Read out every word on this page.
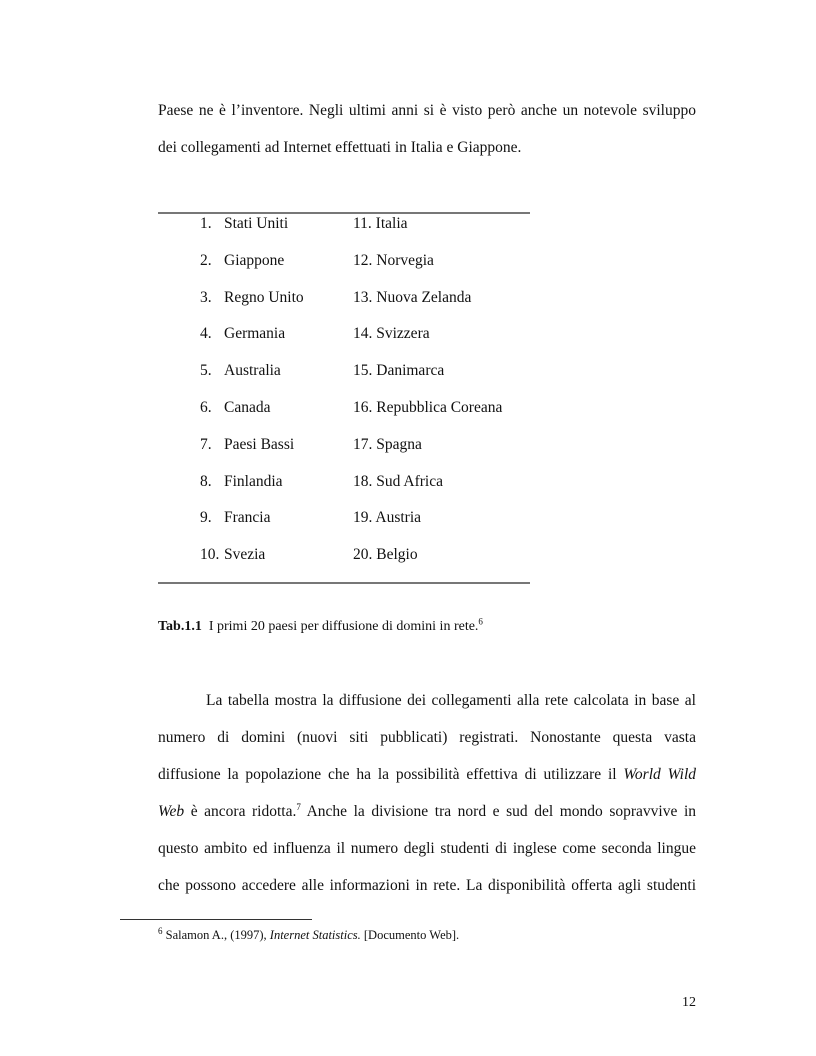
Paese ne è l’inventore. Negli ultimi anni si è visto però anche un notevole sviluppo
dei collegamenti ad Internet effettuati in Italia e Giappone.
1. Stati Uniti
2. Giappone
3. Regno Unito
4. Germania
5. Australia
6. Canada
7. Paesi Bassi
8. Finlandia
9. Francia
10. Svezia
11. Italia
12. Norvegia
13. Nuova Zelanda
14. Svizzera
15. Danimarca
16. Repubblica Coreana
17. Spagna
18. Sud Africa
19. Austria
20. Belgio
Tab.1.1 I primi 20 paesi per diffusione di domini in rete.$^6$
La tabella mostra la diffusione dei collegamenti alla rete calcolata in base al
numero di domini (nuovi siti pubblicati) registrati. Nonostante questa vasta
diffusione la popolazione che ha la possibilità effettiva di utilizzare il World Wild
Web è ancora ridotta.$^7$ Anche la divisione tra nord e sud del mondo sopravvive in
questo ambito ed influenza il numero degli studenti di inglese come seconda lingue
che possono accedere alle informazioni in rete. La disponibilità offerta agli studenti
$^6$ Salamon A., (1997), Internet Statistics. [Documento Web].
12
